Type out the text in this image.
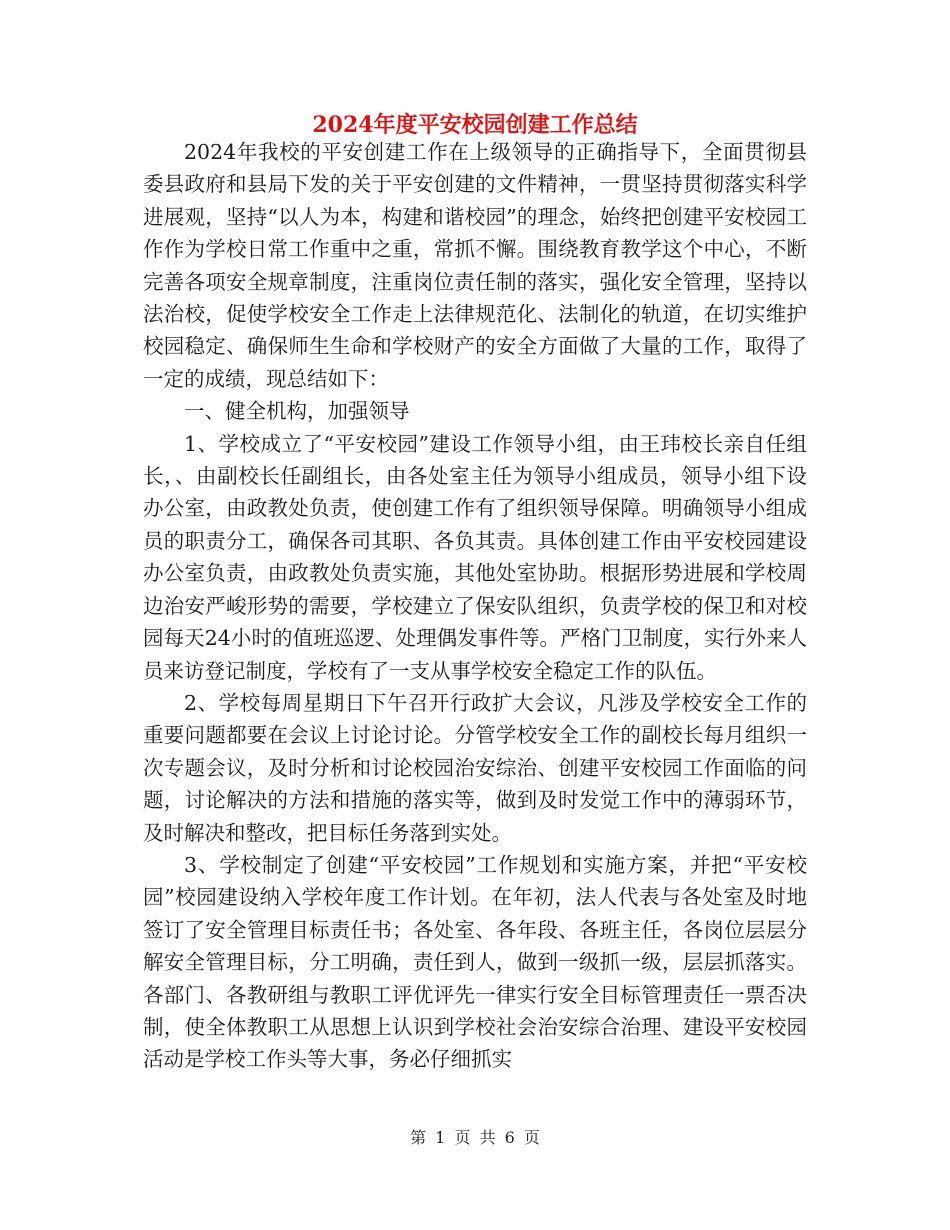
2024年度平安校园创建工作总结

2024年我校的平安创建工作在上级领导的正确指导下，全面贯彻县委县政府和县局下发的关于平安创建的文件精神，一贯坚持贯彻落实科学进展观，坚持“以人为本，构建和谐校园”的理念，始终把创建平安校园工作作为学校日常工作重中之重，常抓不懈。围绕教育教学这个中心，不断完善各项安全规章制度，注重岗位责任制的落实，强化安全管理，坚持以法治校，促使学校安全工作走上法律规范化、法制化的轨道，在切实维护校园稳定、确保师生生命和学校财产的安全方面做了大量的工作，取得了一定的成绩，现总结如下：

一、健全机构，加强领导

1、学校成立了“平安校园”建设工作领导小组，由王玮校长亲自任组长，、由副校长任副组长，由各处室主任为领导小组成员，领导小组下设办公室，由政教处负责，使创建工作有了组织领导保障。明确领导小组成员的职责分工，确保各司其职、各负其责。具体创建工作由平安校园建设办公室负责，由政教处负责实施，其他处室协助。根据形势进展和学校周边治安严峻形势的需要，学校建立了保安队组织，负责学校的保卫和对校园每天24小时的值班巡逻、处理偶发事件等。严格门卫制度，实行外来人员来访登记制度，学校有了一支从事学校安全稳定工作的队伍。

2、学校每周星期日下午召开行政扩大会议，凡涉及学校安全工作的重要问题都要在会议上讨论讨论。分管学校安全工作的副校长每月组织一次专题会议，及时分析和讨论校园治安综治、创建平安校园工作面临的问题，讨论解决的方法和措施的落实等，做到及时发觉工作中的薄弱环节，及时解决和整改，把目标任务落到实处。

3、学校制定了创建“平安校园”工作规划和实施方案，并把“平安校园”校园建设纳入学校年度工作计划。在年初，法人代表与各处室及时地签订了安全管理目标责任书；各处室、各年段、各班主任，各岗位层层分解安全管理目标，分工明确，责任到人，做到一级抓一级，层层抓落实。各部门、各教研组与教职工评优评先一律实行安全目标管理责任一票否决制，使全体教职工从思想上认识到学校社会治安综合治理、建设平安校园活动是学校工作头等大事，务必仔细抓实

第 1 页 共 6 页
